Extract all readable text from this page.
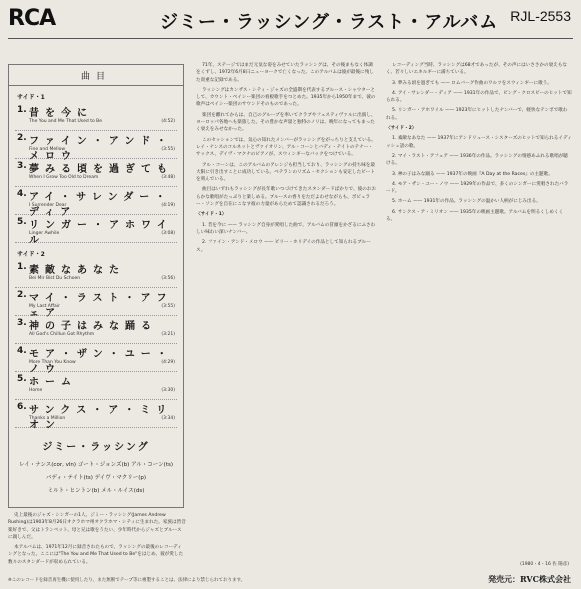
RCA	ジミー・ラッシング・ラスト・アルバム RJL-2553
曲目
サイド・1
1. 昔を今に
The You and Me That Used to Be	(4:52)
2. ファイン・アンド・メロウ
Fine and Mellow	(3:55)
3. 夢みる頃を過ぎても
When I Grow Too Old to Dream	(3:48)
4. アイ・サレンダー・ディア
I Surrender Dear	(4:19)
5. リンガー・アホワイル
Linger Awhile	(3:08)
サイド・2
1. 素敵なあなた
Bei Mir Bist Du Schoen	(3:56)
2. マイ・ラスト・アフェア
My Last Affair	(3:55)
3. 神の子はみな踊る
All God's Chillun Got Rhythm	(3:21)
4. モア・ザン・ユー・ノウ
More Than You Know	(4:29)
5. ホーム
Home	(3:30)
6. サンクス・ア・ミリオン
Thanks a Million	(3:34)
ジミー・ラッシング
レイ・ナンス(cor, vln) ゴート・ジョンズ(b) アル・コーン(ts)
バディ・テイト(ts) デイヴ・マクリー(p)
ミルト・ヒントン(b) メル・ルイス(ds)

史上最後のジャズ・シンガーの1人、ジミー・ラッシング(James Andrew Rushing)は1903年8月26日オクラホマ州オクラホマ・シティに生まれた。家族は皆音楽好きで、父はトランペット、母と兄は歌をうたい、少年時代からジャズとブルースに親しんだ。

本アルバムは、1971年12月に録音されたもので、ラッシングの最後のレコーディングとなった。ここには"The You and Me That Used to Be"をはじめ、彼が愛した数々のスタンダードが収められている。

71年、ステージではまだ元気な姿をみせていたラッシングは、その後まもなく体調をくずし、1972年6月8日ニューヨークで亡くなった。このアルバムは彼が最後に残した貴重な記録である。

ラッシングはカンザス・シティ・ジャズの全盛期を代表するブルース・シャウターとして、カウント・ベイシー楽団の看板歌手をつとめた。1935年から1950年まで、彼の歌声はベイシー楽団のサウンドそのものであった。

楽団を離れてからは、自己のグループを率いてクラブやフェスティヴァルに出演し、ヨーロッパ各地へも楽旅した。その豊かな声量と独特のノリは、晩年になってもまったく衰えをみせなかった。

このセッションでは、気心の知れたメンバーがラッシングをがっちりと支えている。レイ・ナンスのコルネットとヴァイオリン、アル・コーンとバディ・テイトのテナー・サックス、デイヴ・マクナのピアノが、スウィンギーなバックをつけている。

アル・コーンは、このアルバムのアレンジも担当しており、ラッシングの持ち味を最大限に引き出すことに成功している。ベテランのリズム・セクションも安定したビートを刻んでいる。

曲目はいずれもラッシングが長年歌いつづけてきたスタンダードばかりで、彼のおおらかな歌唱がたっぷりと楽しめる。ブルースの香りをただよわせながらも、ポピュラー・ソングを自在にこなす彼の力量があらためて認識されるだろう。

〈サイド・1〉

1. 昔を今に —— ラッシング自身が愛唱した曲で、アルバムの冒頭をかざるにふさわしい味わい深いナンバー。

2. ファイン・アンド・メロウ —— ビリー・ホリデイの作品として知られるブルース。

レコーディング当時、ラッシングは68才であったが、その声にはいささかの衰えもなく、若々しいエネルギーに満ちている。

3. 夢みる頃を過ぎても —— ロムバーグ作曲のワルツをスウィンギーに歌う。

4. アイ・サレンダー・ディア —— 1931年の作品で、ビング・クロスビーのヒットで知られる。

5. リンガー・アホワイル —— 1923年にヒットしたナンバーで、軽快なテンポで歌われる。

〈サイド・2〉

1. 素敵なあなた —— 1937年にアンドリュース・シスターズのヒットで知られるイディッシュ語の歌。

2. マイ・ラスト・アフェア —— 1936年の作品。ラッシングの情感あふれる歌唱が聴ける。

3. 神の子はみな踊る —— 1937年の映画『A Day at the Races』の主題歌。

4. モア・ザン・ユー・ノウ —— 1929年の作品で、多くのシンガーに愛唱されたバラード。

5. ホーム —— 1931年の作品。ラッシングの温かい人柄がにじみ出る。

6. サンクス・ア・ミリオン —— 1935年の映画主題歌。アルバムを明るくしめくくる。

※このレコードを録音再生機に使用したり、また無断でテープ等に複製することは、法律により禁じられております。
(1980・4・16 佐 陽彦)
発売元：RVC株式会社
